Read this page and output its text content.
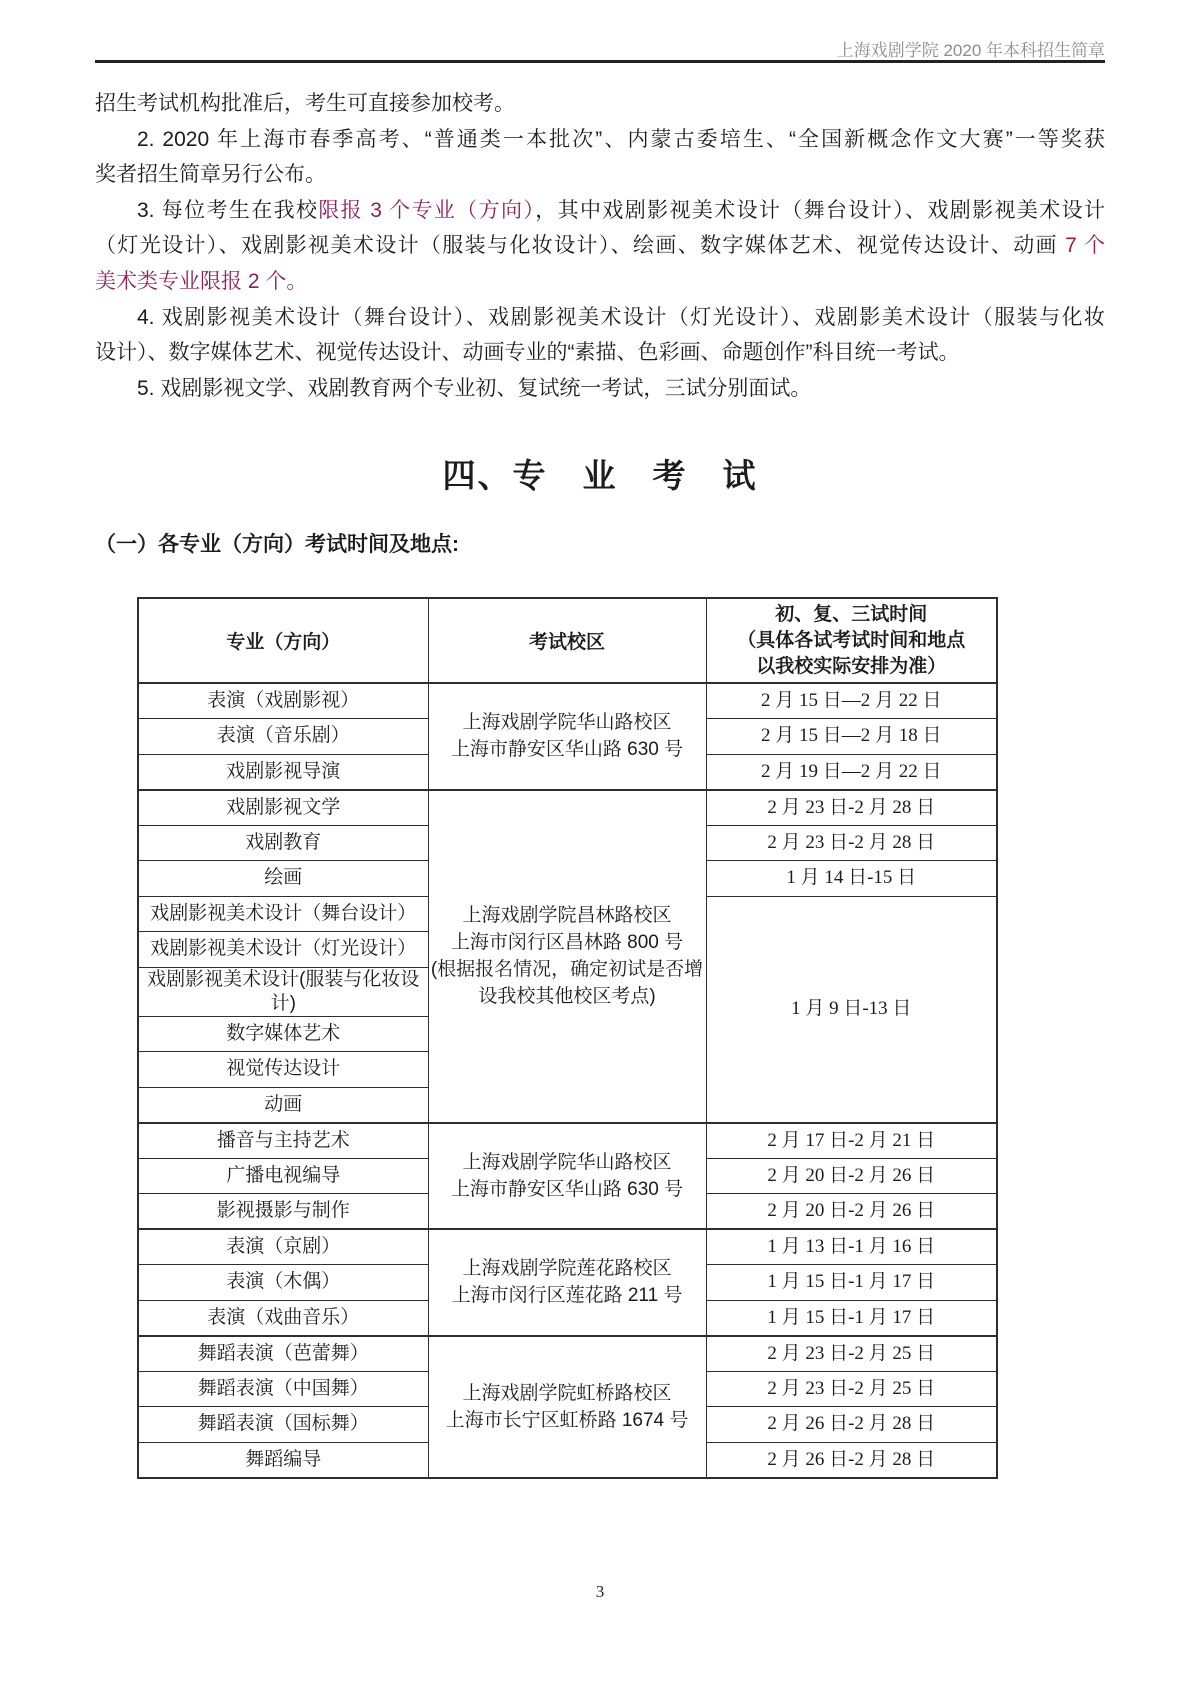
上海戏剧学院 2020 年本科招生简章
招生考试机构批准后，考生可直接参加校考。
2. 2020 年上海市春季高考、“普通类一本批次”、内蒙古委培生、“全国新概念作文大赛”一等奖获
奖者招生简章另行公布。
3. 每位考生在我校限报 3 个专业（方向），其中戏剧影视美术设计（舞台设计）、戏剧影视美术设计
（灯光设计）、戏剧影视美术设计（服装与化妆设计）、绘画、数字媒体艺术、视觉传达设计、动画 7 个
美术类专业限报 2 个。
4. 戏剧影视美术设计（舞台设计）、戏剧影视美术设计（灯光设计）、戏剧影美术设计（服装与化妆
设计）、数字媒体艺术、视觉传达设计、动画专业的“素描、色彩画、命题创作”科目统一考试。
5. 戏剧影视文学、戏剧教育两个专业初、复试统一考试，三试分别面试。
四、专　业　考　试
（一）各专业（方向）考试时间及地点:
专业（方向）	考试校区	初、复、三试时间
（具体各试考试时间和地点
以我校实际安排为准）

表演（戏剧影视）	上海戏剧学院华山路校区
上海市静安区华山路 630 号	2 月 15 日—2 月 22 日
表演（音乐剧）		2 月 15 日—2 月 18 日
戏剧影视导演		2 月 19 日—2 月 22 日
戏剧影视文学	上海戏剧学院昌林路校区
上海市闵行区昌林路 800 号
(根据报名情况，确定初试是否增
设我校其他校区考点)	2 月 23 日-2 月 28 日
戏剧教育		2 月 23 日-2 月 28 日
绘画		1 月 14 日-15 日
戏剧影视美术设计（舞台设计）		1 月 9 日-13 日
戏剧影视美术设计（灯光设计）		
戏剧影视美术设计(服装与化妆设计)		
数字媒体艺术		
视觉传达设计		
动画		
播音与主持艺术	上海戏剧学院华山路校区
上海市静安区华山路 630 号	2 月 17 日-2 月 21 日
广播电视编导		2 月 20 日-2 月 26 日
影视摄影与制作		2 月 20 日-2 月 26 日
表演（京剧）	上海戏剧学院莲花路校区
上海市闵行区莲花路 211 号	1 月 13 日-1 月 16 日
表演（木偶）		1 月 15 日-1 月 17 日
表演（戏曲音乐）		1 月 15 日-1 月 17 日
舞蹈表演（芭蕾舞）	上海戏剧学院虹桥路校区
上海市长宁区虹桥路 1674 号	2 月 23 日-2 月 25 日
舞蹈表演（中国舞）		2 月 23 日-2 月 25 日
舞蹈表演（国标舞）		2 月 26 日-2 月 28 日
舞蹈编导		2 月 26 日-2 月 28 日
3
